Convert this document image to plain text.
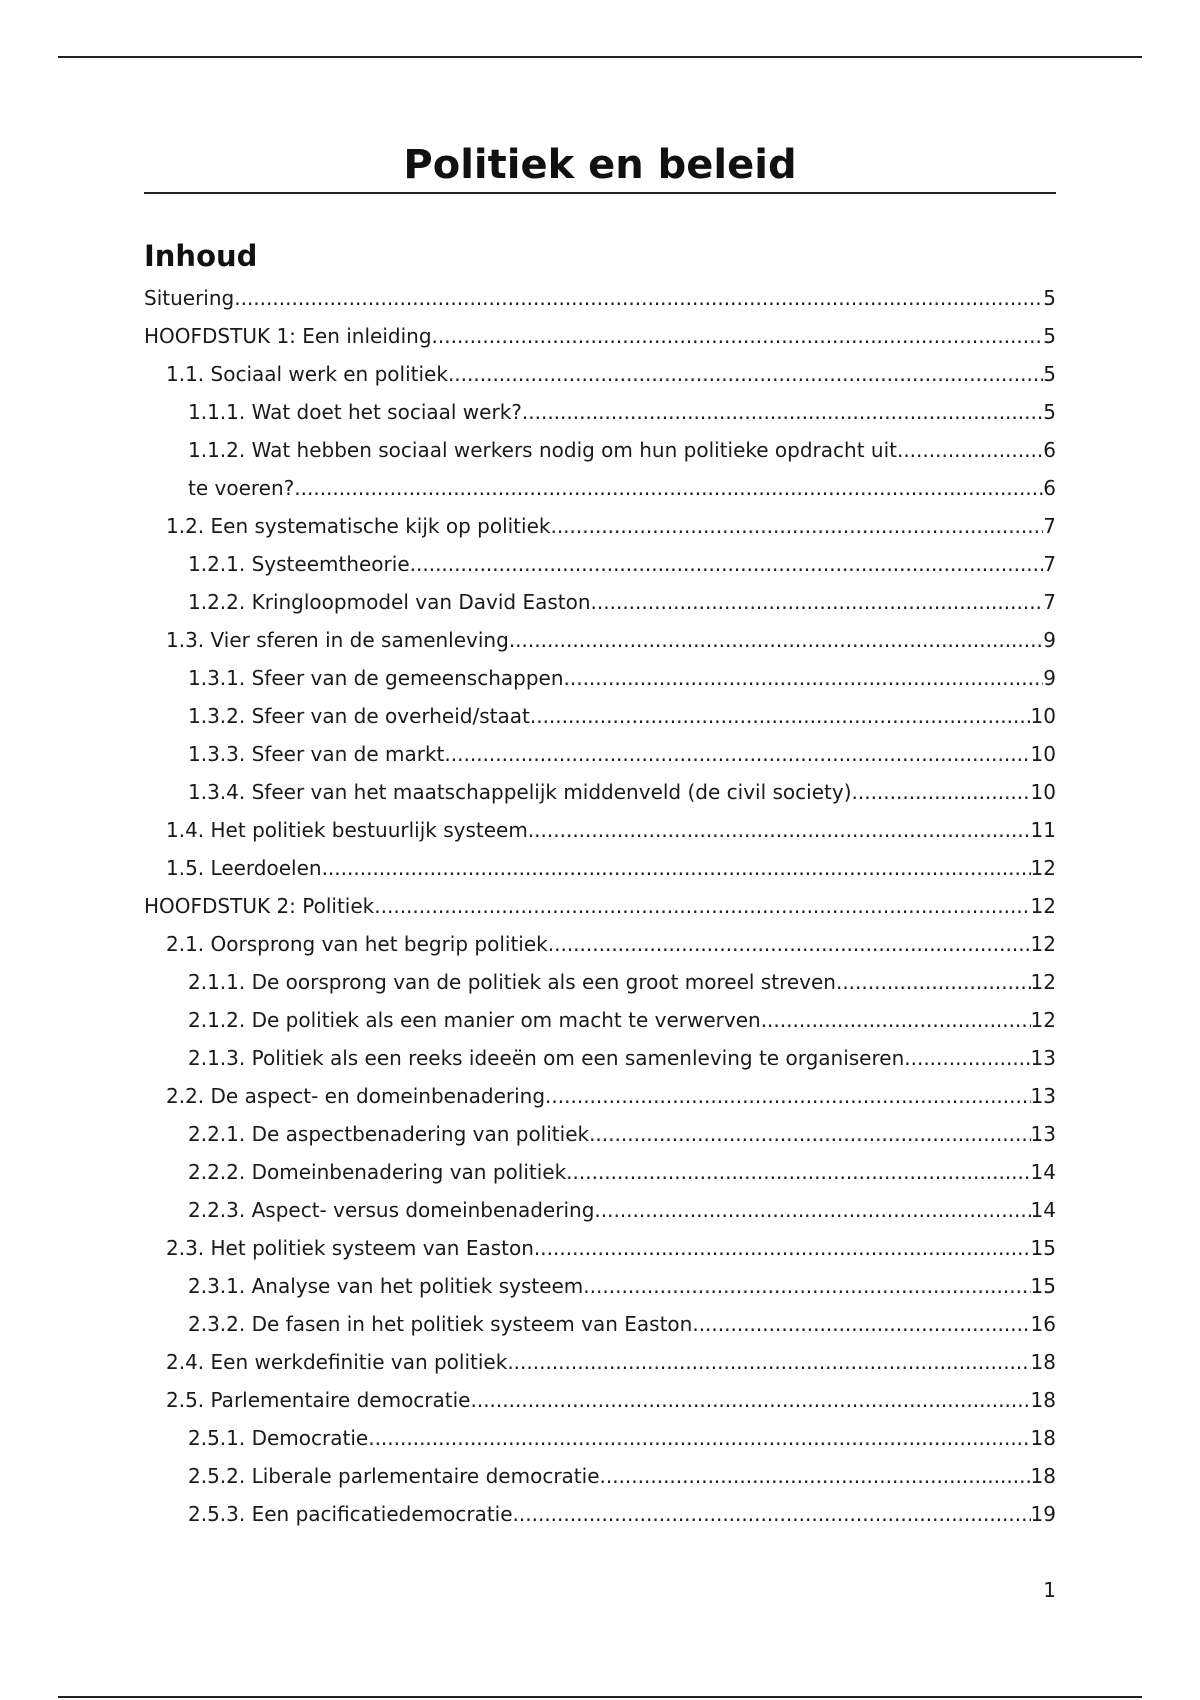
Politiek en beleid
Inhoud
Situering .....	5
HOOFDSTUK 1: Een inleiding .....	5
1.1. Sociaal werk en politiek .....	5
1.1.1. Wat doet het sociaal werk? .....	5
1.1.2. Wat hebben sociaal werkers nodig om hun politieke opdracht uit .....	6
te voeren? .....	6
1.2. Een systematische kijk op politiek .....	7
1.2.1. Systeemtheorie .....	7
1.2.2. Kringloopmodel van David Easton .....	7
1.3. Vier sferen in de samenleving .....	9
1.3.1. Sfeer van de gemeenschappen .....	9
1.3.2. Sfeer van de overheid/staat .....	10
1.3.3. Sfeer van de markt .....	10
1.3.4. Sfeer van het maatschappelijk middenveld (de civil society) .....	10
1.4. Het politiek bestuurlijk systeem .....	11
1.5. Leerdoelen .....	12
HOOFDSTUK 2: Politiek .....	12
2.1. Oorsprong van het begrip politiek .....	12
2.1.1. De oorsprong van de politiek als een groot moreel streven .....	12
2.1.2. De politiek als een manier om macht te verwerven .....	12
2.1.3. Politiek als een reeks ideeën om een samenleving te organiseren .....	13
2.2. De aspect- en domeinbenadering .....	13
2.2.1. De aspectbenadering van politiek .....	13
2.2.2. Domeinbenadering van politiek .....	14
2.2.3. Aspect- versus domeinbenadering .....	14
2.3. Het politiek systeem van Easton .....	15
2.3.1. Analyse van het politiek systeem .....	15
2.3.2. De fasen in het politiek systeem van Easton .....	16
2.4. Een werkdefinitie van politiek .....	18
2.5. Parlementaire democratie .....	18
2.5.1. Democratie .....	18
2.5.2. Liberale parlementaire democratie .....	18
2.5.3. Een pacificatiedemocratie .....	19
1
